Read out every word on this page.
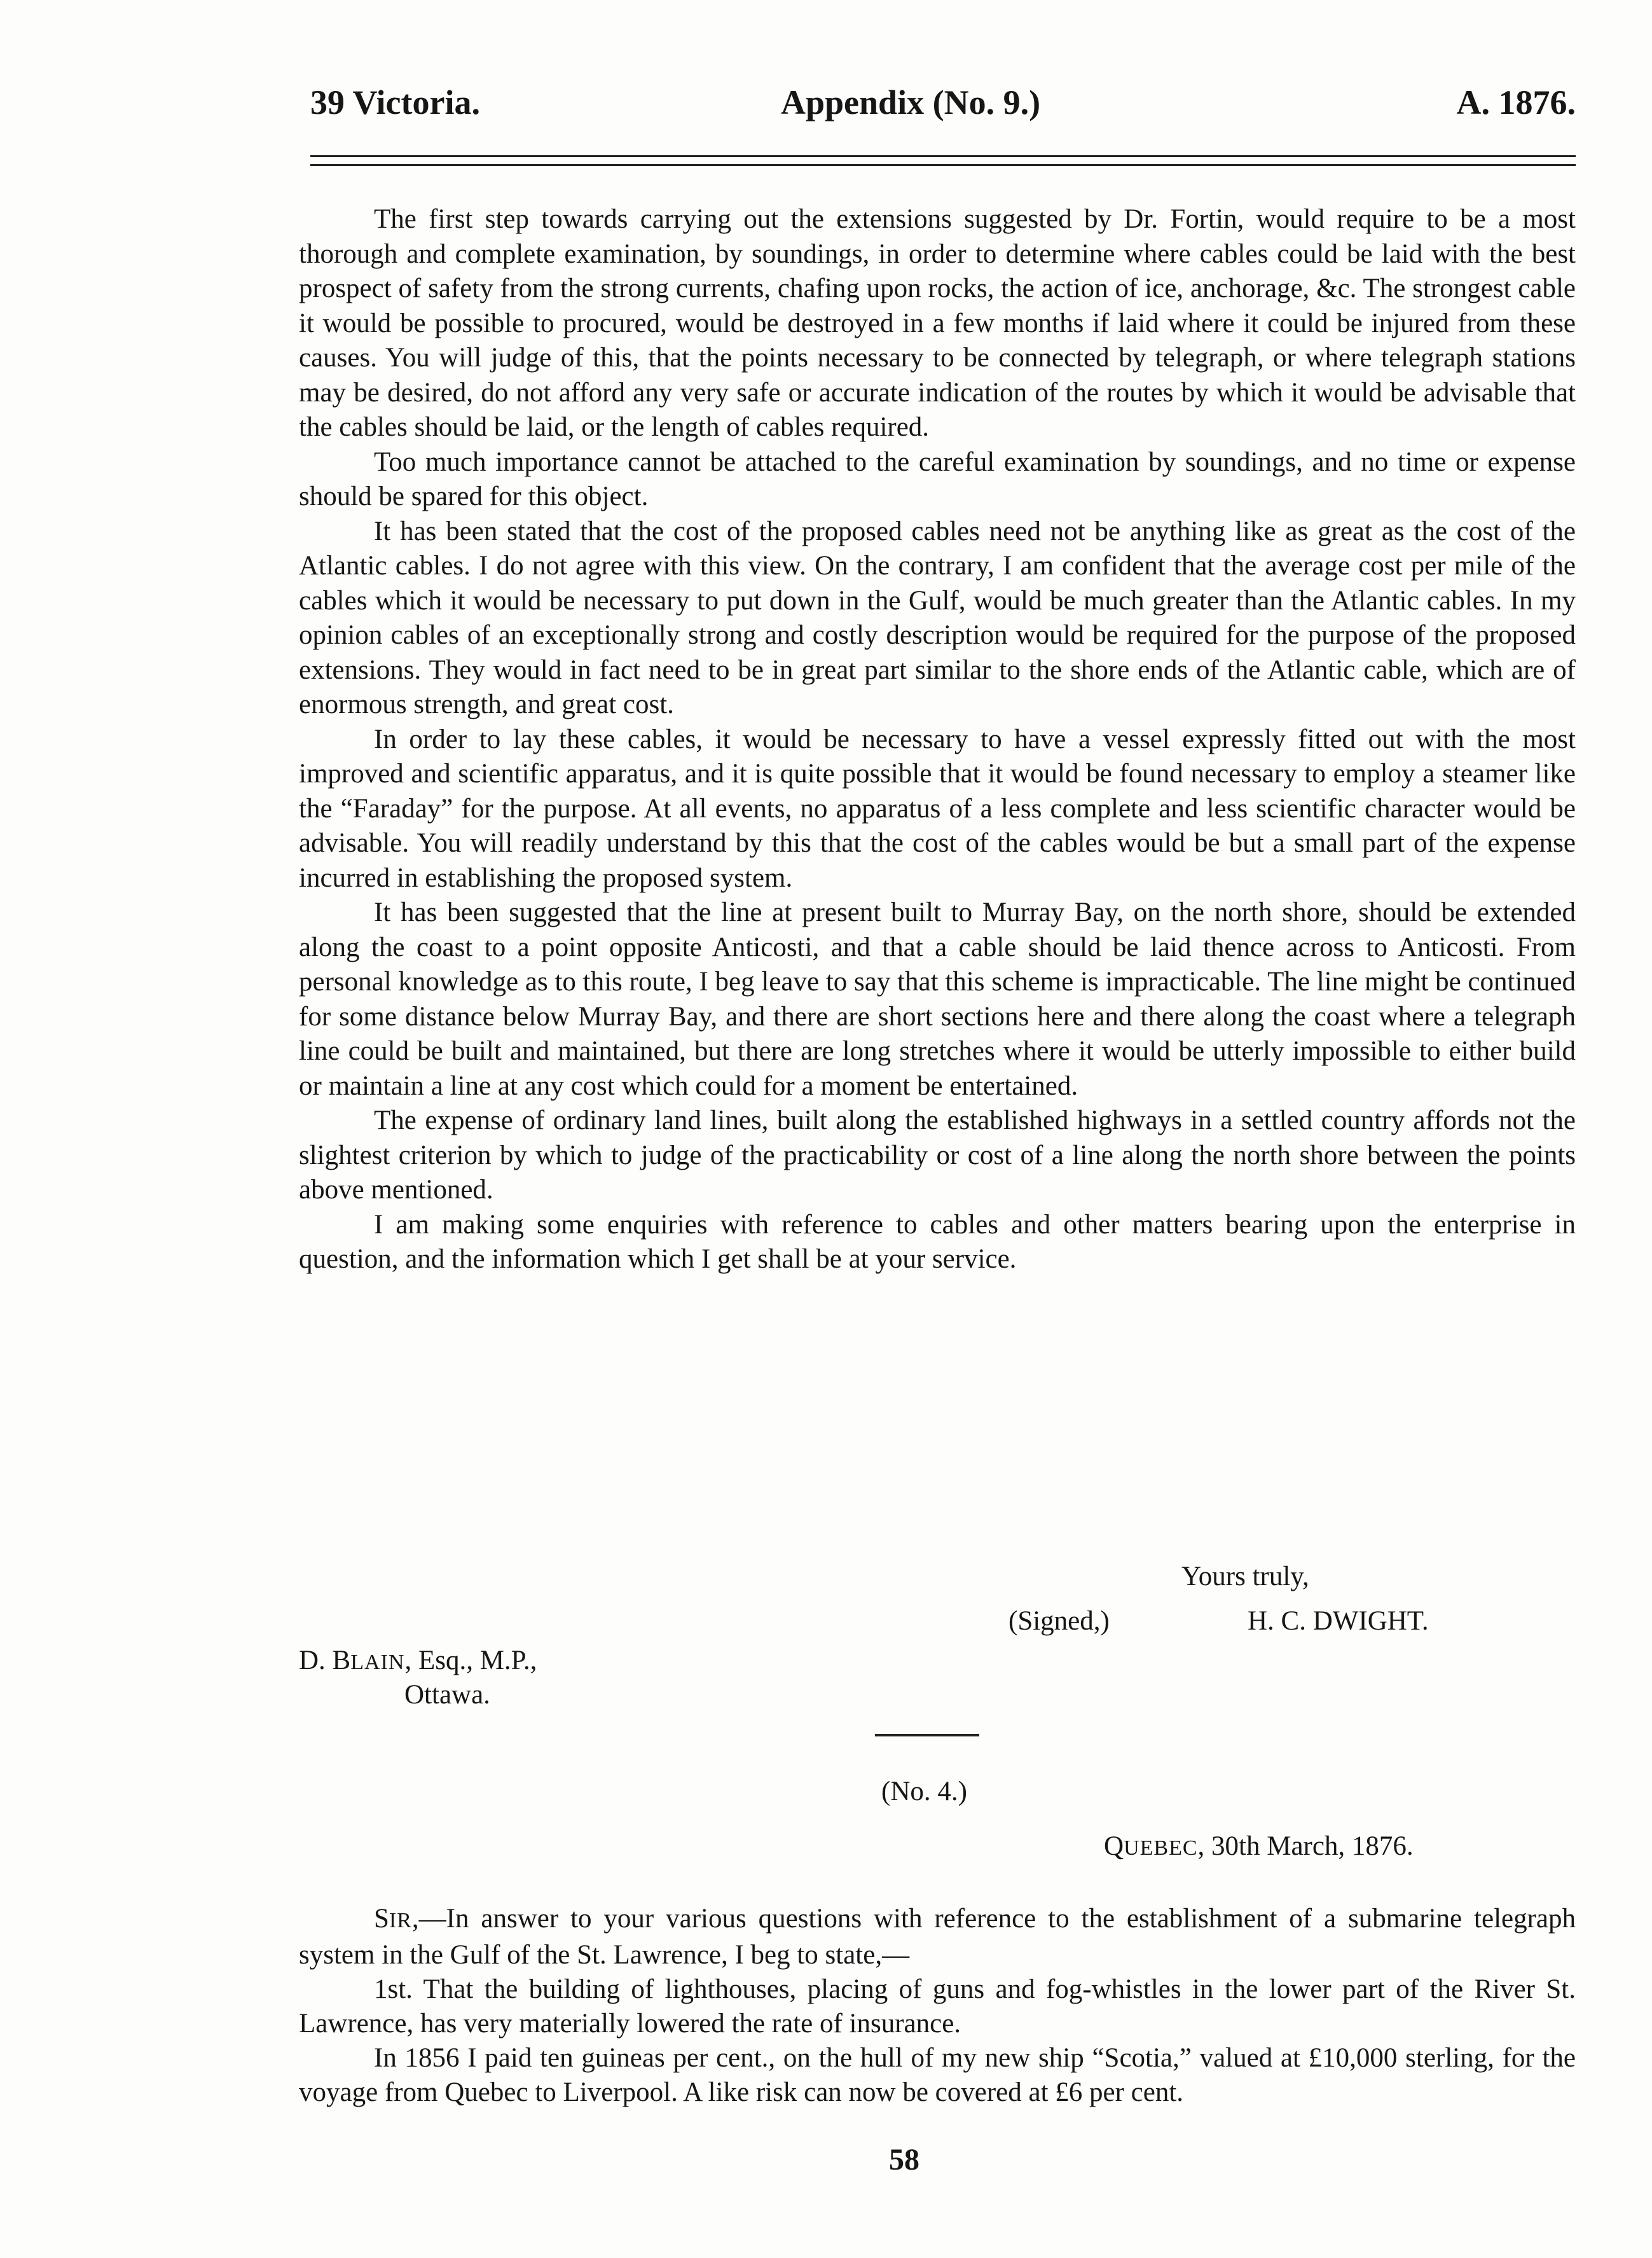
39 Victoria.	Appendix (No. 9.)	A. 1876.

The first step towards carrying out the extensions suggested by Dr. Fortin, would require to be a most thorough and complete examination, by soundings, in order to determine where cables could be laid with the best prospect of safety from the strong currents, chafing upon rocks, the action of ice, anchorage, &c. The strongest cable it would be possible to procured, would be destroyed in a few months if laid where it could be injured from these causes. You will judge of this, that the points necessary to be connected by telegraph, or where telegraph stations may be desired, do not afford any very safe or accurate indication of the routes by which it would be advisable that the cables should be laid, or the length of cables required.

Too much importance cannot be attached to the careful examination by soundings, and no time or expense should be spared for this object.

It has been stated that the cost of the proposed cables need not be anything like as great as the cost of the Atlantic cables. I do not agree with this view. On the contrary, I am confident that the average cost per mile of the cables which it would be necessary to put down in the Gulf, would be much greater than the Atlantic cables. In my opinion cables of an exceptionally strong and costly description would be required for the purpose of the proposed extensions. They would in fact need to be in great part similar to the shore ends of the Atlantic cable, which are of enormous strength, and great cost.

In order to lay these cables, it would be necessary to have a vessel expressly fitted out with the most improved and scientific apparatus, and it is quite possible that it would be found necessary to employ a steamer like the “Faraday” for the purpose. At all events, no apparatus of a less complete and less scientific character would be advisable. You will readily understand by this that the cost of the cables would be but a small part of the expense incurred in establishing the proposed system.

It has been suggested that the line at present built to Murray Bay, on the north shore, should be extended along the coast to a point opposite Anticosti, and that a cable should be laid thence across to Anticosti. From personal knowledge as to this route, I beg leave to say that this scheme is impracticable. The line might be continued for some distance below Murray Bay, and there are short sections here and there along the coast where a telegraph line could be built and maintained, but there are long stretches where it would be utterly impossible to either build or maintain a line at any cost which could for a moment be entertained.

The expense of ordinary land lines, built along the established highways in a settled country affords not the slightest criterion by which to judge of the practicability or cost of a line along the north shore between the points above mentioned.

I am making some enquiries with reference to cables and other matters bearing upon the enterprise in question, and the information which I get shall be at your service.

Yours truly,
(Signed,)	H. C. DWIGHT.
D. BLAIN, Esq., M.P.,
Ottawa.
(No. 4.)
QUEBEC, 30th March, 1876.

SIR,—In answer to your various questions with reference to the establishment of a submarine telegraph system in the Gulf of the St. Lawrence, I beg to state,—

1st. That the building of lighthouses, placing of guns and fog-whistles in the lower part of the River St. Lawrence, has very materially lowered the rate of insurance.

In 1856 I paid ten guineas per cent., on the hull of my new ship “Scotia,” valued at £10,000 sterling, for the voyage from Quebec to Liverpool. A like risk can now be covered at £6 per cent.

58
